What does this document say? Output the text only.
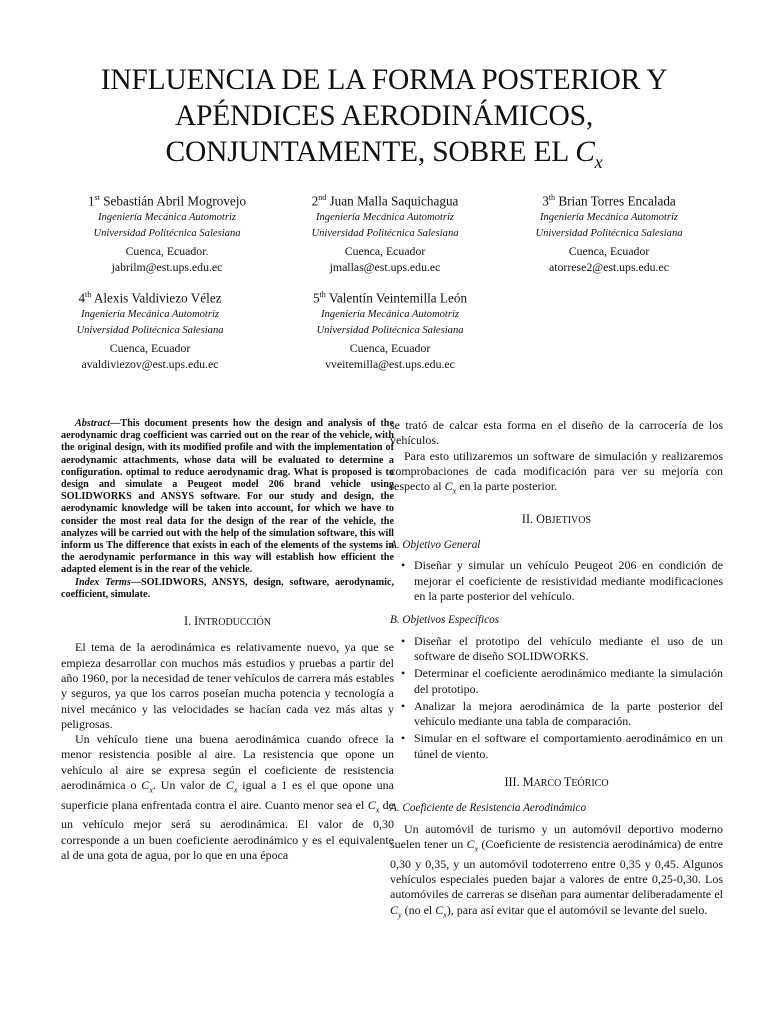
INFLUENCIA DE LA FORMA POSTERIOR Y
APÉNDICES AERODINÁMICOS,
CONJUNTAMENTE, SOBRE EL $C_x$
1st Sebastián Abril Mogrovejo
Ingeniería Mecánica Automotriz
Universidad Politécnica Salesiana
Cuenca, Ecuador.
jabrilm@est.ups.edu.ec
2nd Juan Malla Saquichagua
Ingeniería Mecánica Automotriz
Universidad Politécnica Salesiana
Cuenca, Ecuador
jmallas@est.ups.edu.ec
3th Brian Torres Encalada
Ingeniería Mecánica Automotriz
Universidad Politécnica Salesiana
Cuenca, Ecuador
atorrese2@est.ups.edu.ec
4th Alexis Valdiviezo Vélez
Ingeniería Mecánica Automotriz
Universidad Politécnica Salesiana
Cuenca, Ecuador
avaldiviezov@est.ups.edu.ec
5th Valentín Veintemilla León
Ingeniería Mecánica Automotriz
Universidad Politécnica Salesiana
Cuenca, Ecuador
vveitemilla@est.ups.edu.ec

Abstract—This document presents how the design and analysis of the aerodynamic drag coefficient was carried out on the rear of the vehicle, with the original design, with its modified profile and with the implementation of aerodynamic attachments, whose data will be evaluated to determine a configuration. optimal to reduce aerodynamic drag. What is proposed is to design and simulate a Peugeot model 206 brand vehicle using SOLIDWORKS and ANSYS software. For our study and design, the aerodynamic knowledge will be taken into account, for which we have to consider the most real data for the design of the rear of the vehicle, the analyzes will be carried out with the help of the simulation software, this will inform us The difference that exists in each of the elements of the systems in the aerodynamic performance in this way will establish how efficient the adapted element is in the rear of the vehicle.

Index Terms—SOLIDWORS, ANSYS, design, software, aerodynamic, coefficient, simulate.

I. INTRODUCCIÓN

El tema de la aerodinámica es relativamente nuevo, ya que se empieza desarrollar con muchos más estudios y pruebas a partir del año 1960, por la necesidad de tener vehículos de carrera más estables y seguros, ya que los carros poseían mucha potencia y tecnología a nivel mecánico y las velocidades se hacían cada vez más altas y peligrosas.

Un vehículo tiene una buena aerodinámica cuando ofrece la menor resistencia posible al aire. La resistencia que opone un vehículo al aire se expresa según el coeficiente de resistencia aerodinámica o $C_x$. Un valor de $C_x$ igual a 1 es el que opone una superficie plana enfrentada contra el aire. Cuanto menor sea el $C_x$ de un vehículo mejor será su aerodinámica. El valor de 0,30 corresponde a un buen coeficiente aerodinámico y es el equivalente al de una gota de agua, por lo que en una época

se trató de calcar esta forma en el diseño de la carrocería de los vehículos.

Para esto utilizaremos un software de simulación y realizaremos comprobaciones de cada modificación para ver su mejoría con respecto al $C_x$ en la parte posterior.

II. OBJETIVOS
A. Objetivo General
• Diseñar y simular un vehículo Peugeot 206 en condición de mejorar el coeficiente de resistividad mediante modificaciones en la parte posterior del vehículo.
B. Objetivos Específicos
• Diseñar el prototipo del vehículo mediante el uso de un software de diseño SOLIDWORKS.
• Determinar el coeficiente aerodinámico mediante la simulación del prototipo.
• Analizar la mejora aerodinámica de la parte posterior del vehículo mediante una tabla de comparación.
• Simular en el software el comportamiento aerodinámico en un túnel de viento.
III. MARCO TEÓRICO
A. Coeficiente de Resistencia Aerodinámico

Un automóvil de turismo y un automóvil deportivo moderno suelen tener un $C_x$ (Coeficiente de resistencia aerodinámica) de entre 0,30 y 0,35, y un automóvil todoterreno entre 0,35 y 0,45. Algunos vehículos especiales pueden bajar a valores de entre 0,25-0,30. Los automóviles de carreras se diseñan para aumentar deliberadamente el $C_y$ (no el $C_x$), para así evitar que el automóvil se levante del suelo.
